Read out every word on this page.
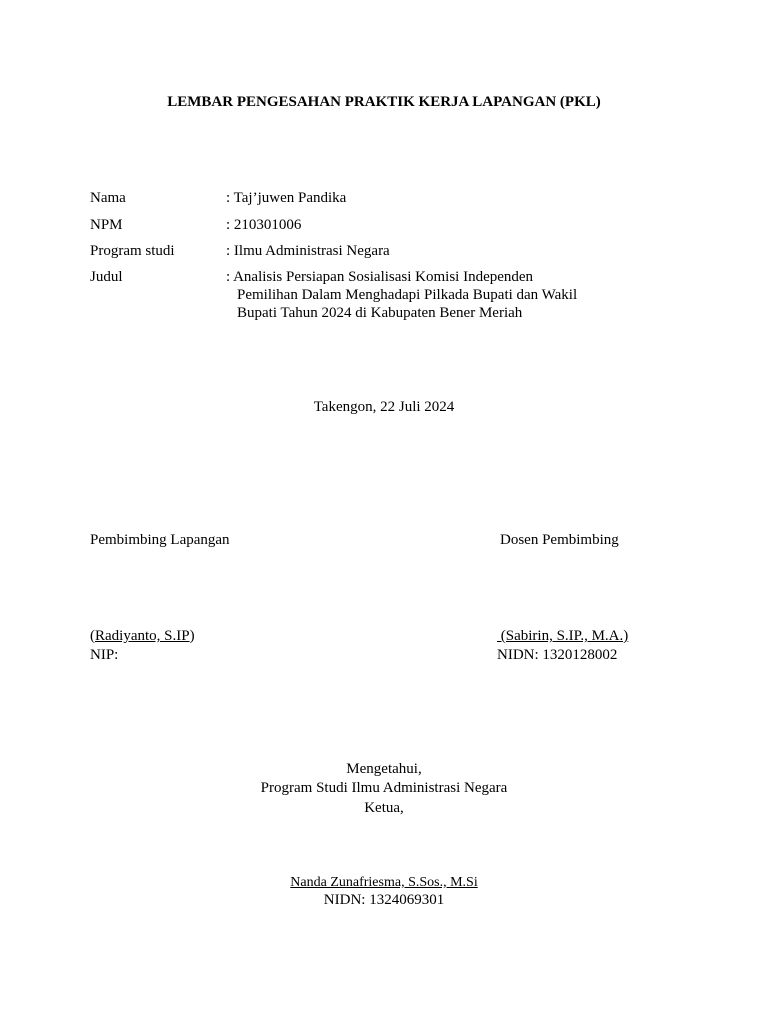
LEMBAR PENGESAHAN PRAKTIK KERJA LAPANGAN (PKL)
Nama	: Taj’juwen Pandika
NPM	: 210301006
Program studi	: Ilmu Administrasi Negara
Judul	: Analisis Persiapan Sosialisasi Komisi Independen
Pemilihan Dalam Menghadapi Pilkada Bupati dan Wakil
Bupati Tahun 2024 di Kabupaten Bener Meriah
Takengon, 22 Juli 2024
Pembimbing Lapangan	Dosen Pembimbing
(Radiyanto, S.IP)	(Sabirin, S.IP., M.A.)
NIP:	NIDN: 1320128002
Mengetahui,
Program Studi Ilmu Administrasi Negara
Ketua,
Nanda Zunafriesma, S.Sos., M.Si
NIDN: 1324069301
